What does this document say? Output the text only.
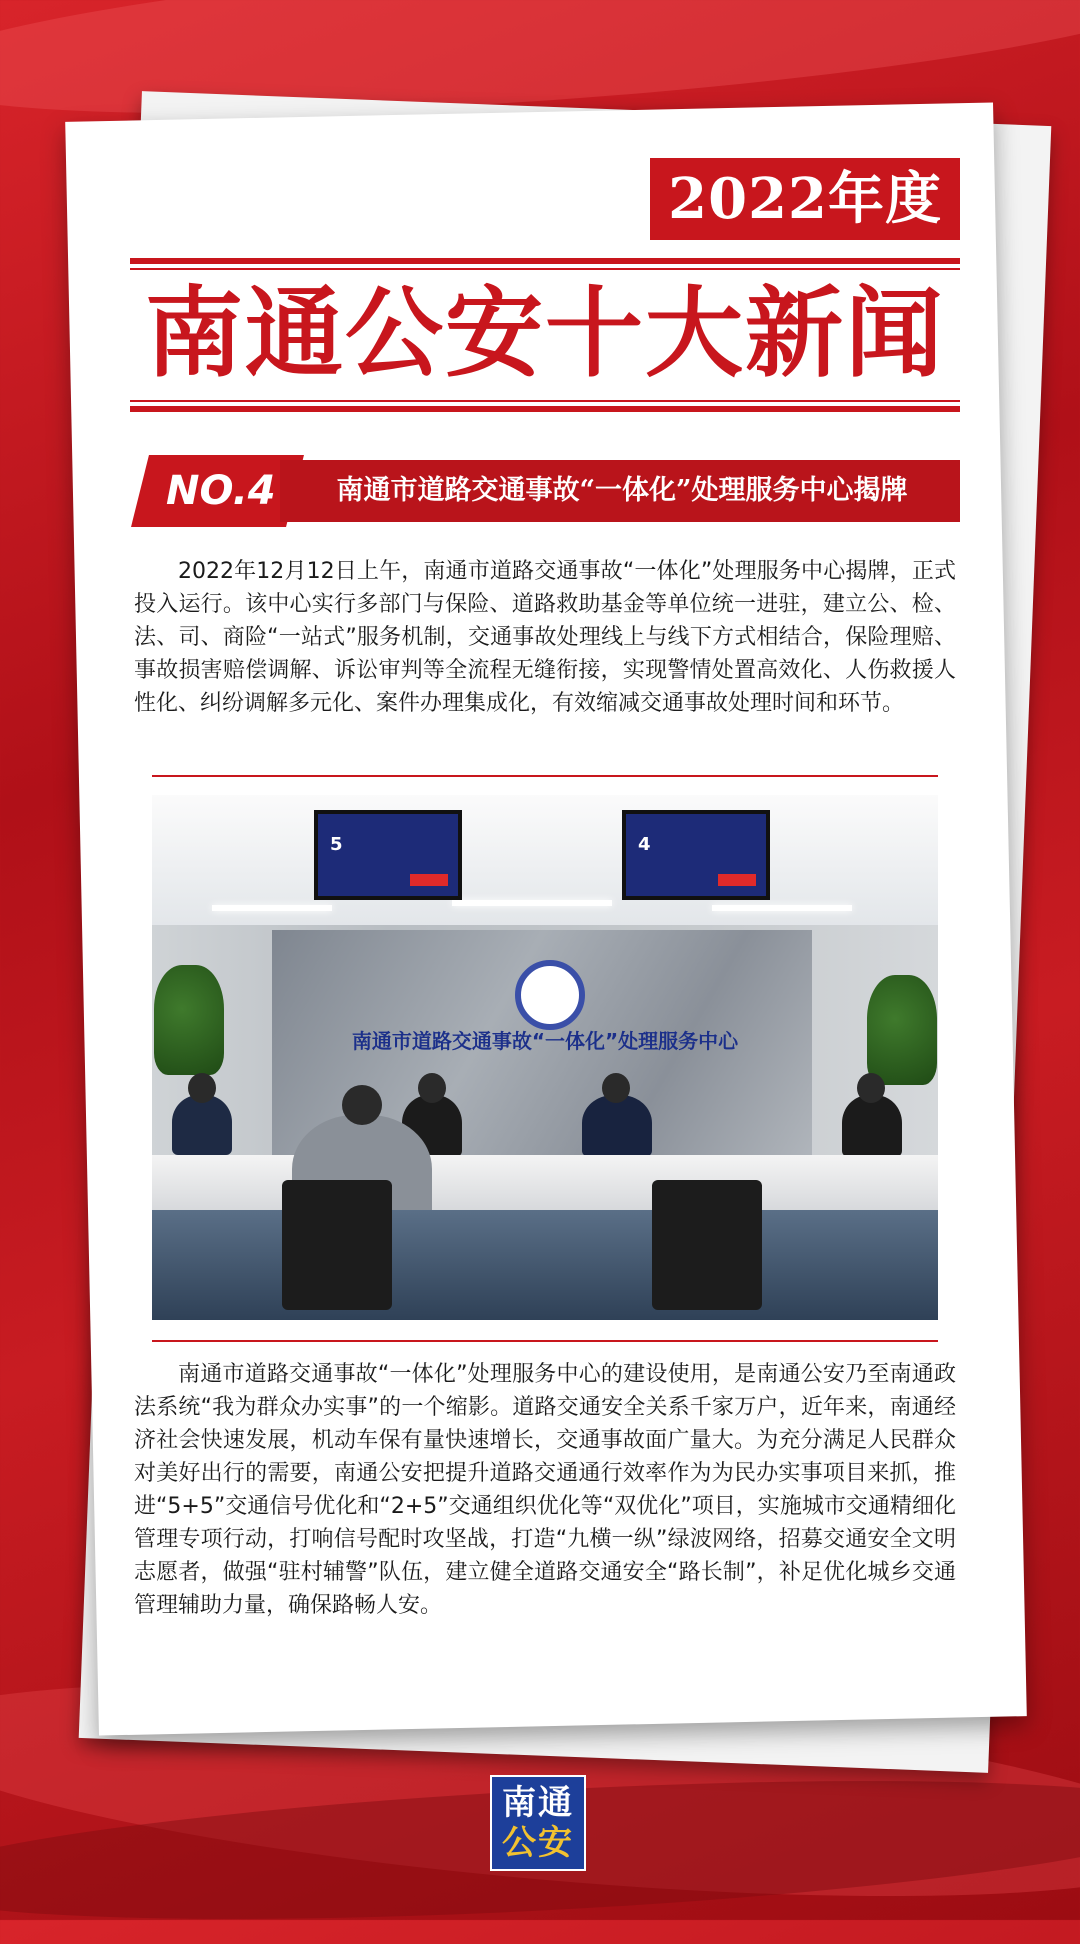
2022年度
南通公安十大新闻
NO.4	南通市道路交通事故“一体化”处理服务中心揭牌

2022年12月12日上午，南通市道路交通事故“一体化”处理服务中心揭牌，正式投入运行。该中心实行多部门与保险、道路救助基金等单位统一进驻，建立公、检、法、司、商险“一站式”服务机制，交通事故处理线上与线下方式相结合，保险理赔、事故损害赔偿调解、诉讼审判等全流程无缝衔接，实现警情处置高效化、人伤救援人性化、纠纷调解多元化、案件办理集成化，有效缩减交通事故处理时间和环节。

5	4
南通市道路交通事故“一体化”处理服务中心

南通市道路交通事故“一体化”处理服务中心的建设使用，是南通公安乃至南通政法系统“我为群众办实事”的一个缩影。道路交通安全关系千家万户，近年来，南通经济社会快速发展，机动车保有量快速增长，交通事故面广量大。为充分满足人民群众对美好出行的需要，南通公安把提升道路交通通行效率作为为民办实事项目来抓，推进“5+5”交通信号优化和“2+5”交通组织优化等“双优化”项目，实施城市交通精细化管理专项行动，打响信号配时攻坚战，打造“九横一纵”绿波网络，招募交通安全文明志愿者，做强“驻村辅警”队伍，建立健全道路交通安全“路长制”，补足优化城乡交通管理辅助力量，确保路畅人安。

南通
公安
